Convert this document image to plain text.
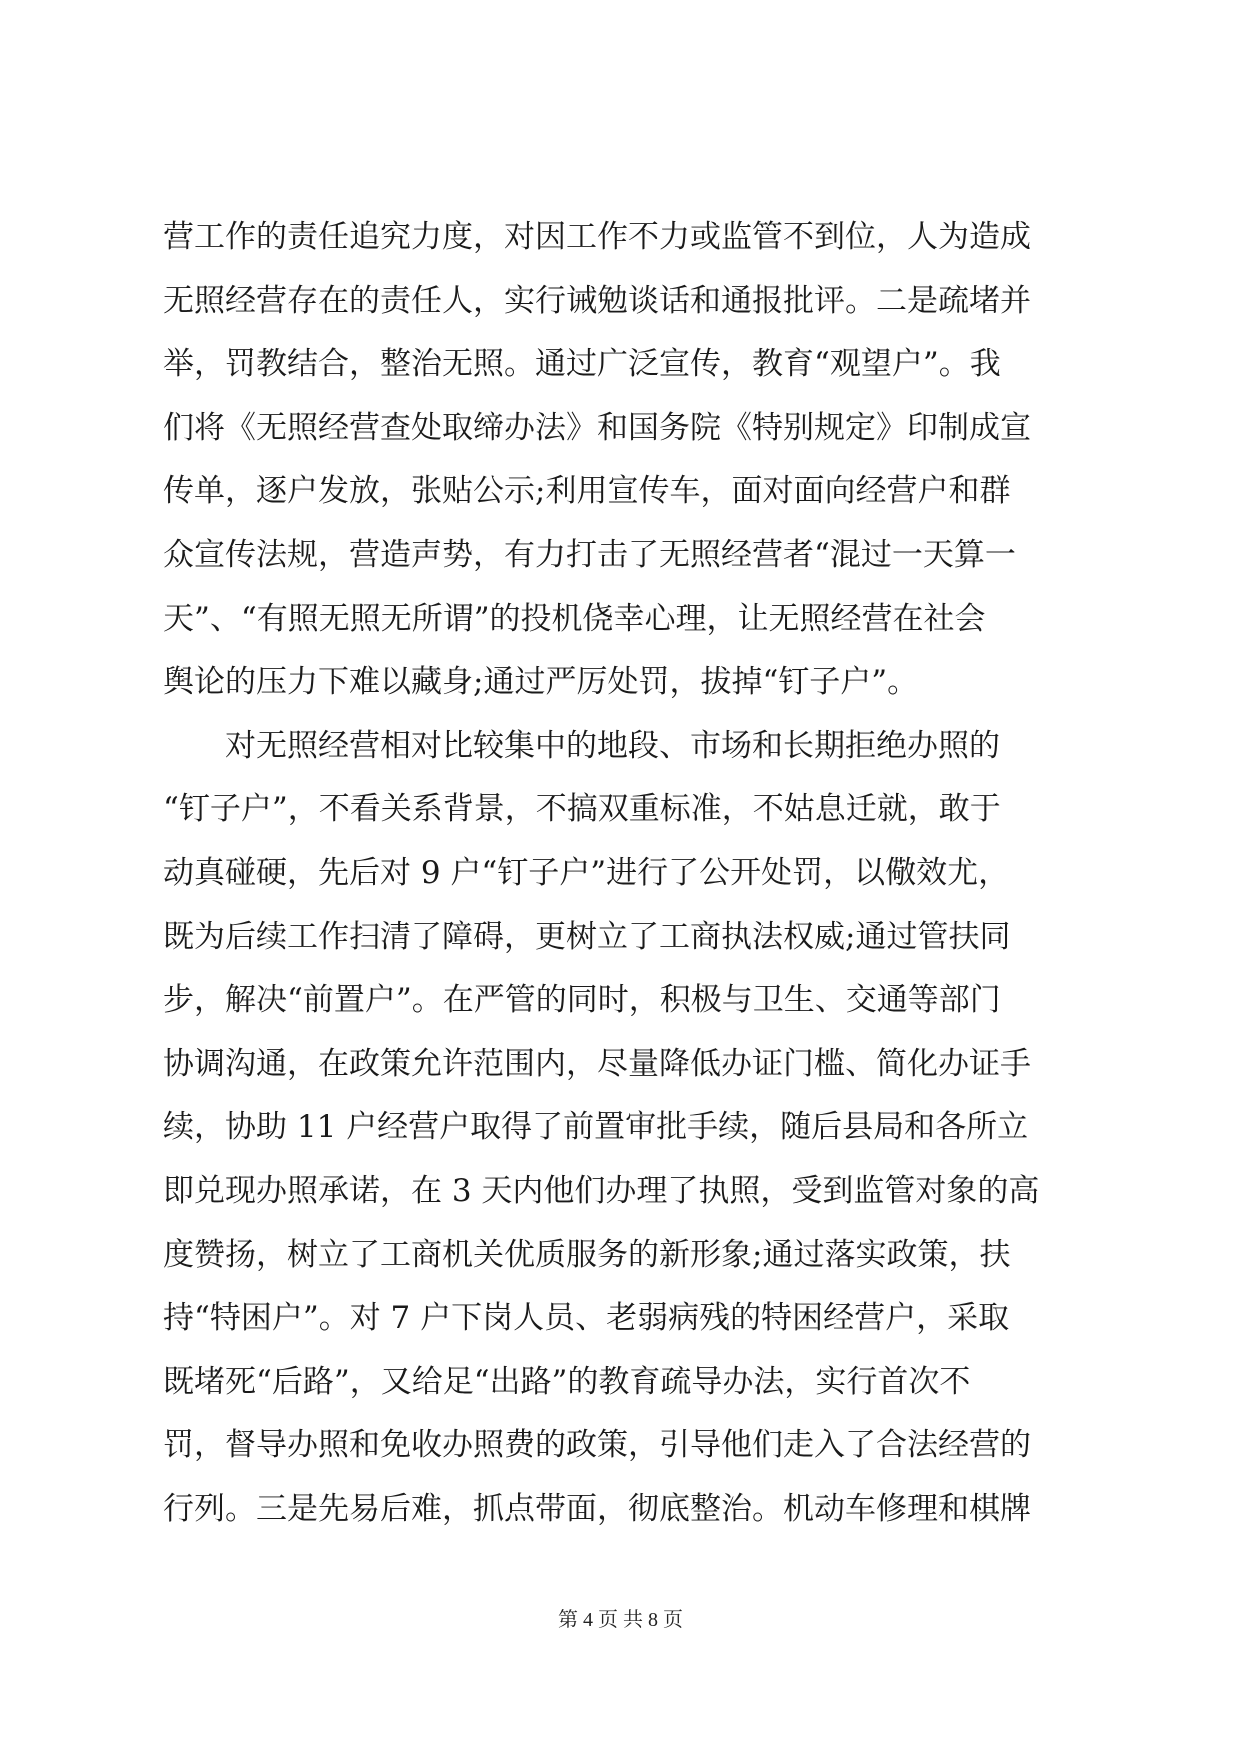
营工作的责任追究力度，对因工作不力或监管不到位，人为造成
无照经营存在的责任人，实行诫勉谈话和通报批评。二是疏堵并
举，罚教结合，整治无照。通过广泛宣传，教育“观望户”。我
们将《无照经营查处取缔办法》和国务院《特别规定》印制成宣
传单，逐户发放，张贴公示;利用宣传车，面对面向经营户和群
众宣传法规，营造声势，有力打击了无照经营者“混过一天算一
天”、“有照无照无所谓”的投机侥幸心理，让无照经营在社会
舆论的压力下难以藏身;通过严厉处罚，拔掉“钉子户”。
　　对无照经营相对比较集中的地段、市场和长期拒绝办照的
“钉子户”，不看关系背景，不搞双重标准，不姑息迁就，敢于
动真碰硬，先后对 9 户“钉子户”进行了公开处罚，以儆效尤，
既为后续工作扫清了障碍，更树立了工商执法权威;通过管扶同
步，解决“前置户”。在严管的同时，积极与卫生、交通等部门
协调沟通，在政策允许范围内，尽量降低办证门槛、简化办证手
续，协助 11 户经营户取得了前置审批手续，随后县局和各所立
即兑现办照承诺，在 3 天内他们办理了执照，受到监管对象的高
度赞扬，树立了工商机关优质服务的新形象;通过落实政策，扶
持“特困户”。对 7 户下岗人员、老弱病残的特困经营户，采取
既堵死“后路”，又给足“出路”的教育疏导办法，实行首次不
罚，督导办照和免收办照费的政策，引导他们走入了合法经营的
行列。三是先易后难，抓点带面，彻底整治。机动车修理和棋牌
第 4 页 共 8 页
